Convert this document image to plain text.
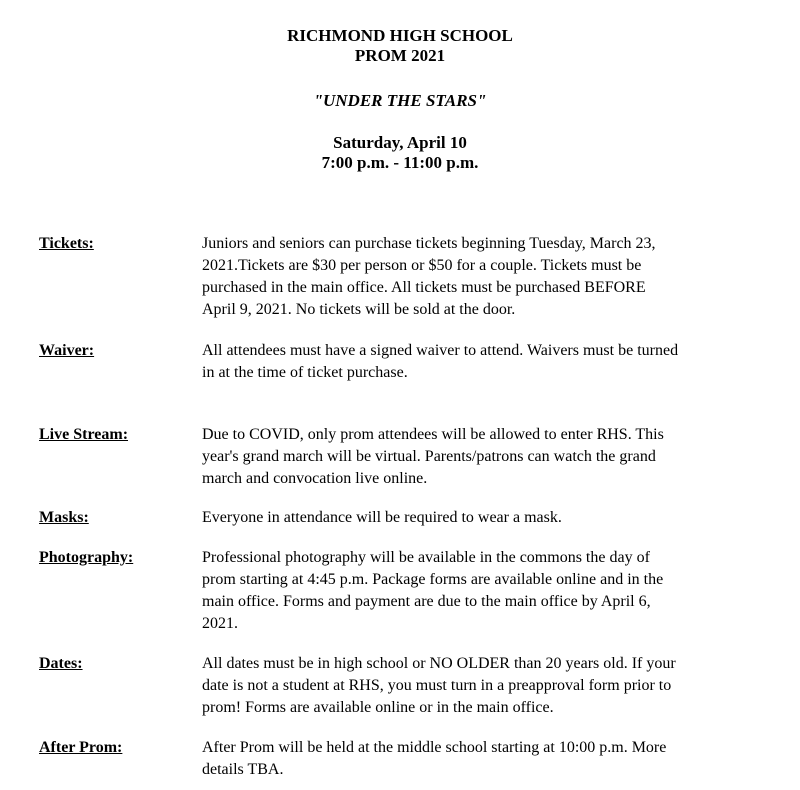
RICHMOND HIGH SCHOOL
PROM 2021
"UNDER THE STARS"
Saturday, April 10
7:00 p.m. - 11:00 p.m.
Tickets:	Juniors and seniors can purchase tickets beginning Tuesday, March 23,
2021.Tickets are $30 per person or $50 for a couple. Tickets must be
purchased in the main office. All tickets must be purchased BEFORE
April 9, 2021. No tickets will be sold at the door.
Waiver:	All attendees must have a signed waiver to attend. Waivers must be turned
in at the time of ticket purchase.
Live Stream:	Due to COVID, only prom attendees will be allowed to enter RHS. This
year's grand march will be virtual. Parents/patrons can watch the grand
march and convocation live online.
Masks:	Everyone in attendance will be required to wear a mask.
Photography:	Professional photography will be available in the commons the day of
prom starting at 4:45 p.m. Package forms are available online and in the
main office. Forms and payment are due to the main office by April 6,
2021.
Dates:	All dates must be in high school or NO OLDER than 20 years old. If your
date is not a student at RHS, you must turn in a preapproval form prior to
prom! Forms are available online or in the main office.
After Prom:	After Prom will be held at the middle school starting at 10:00 p.m. More
details TBA.
